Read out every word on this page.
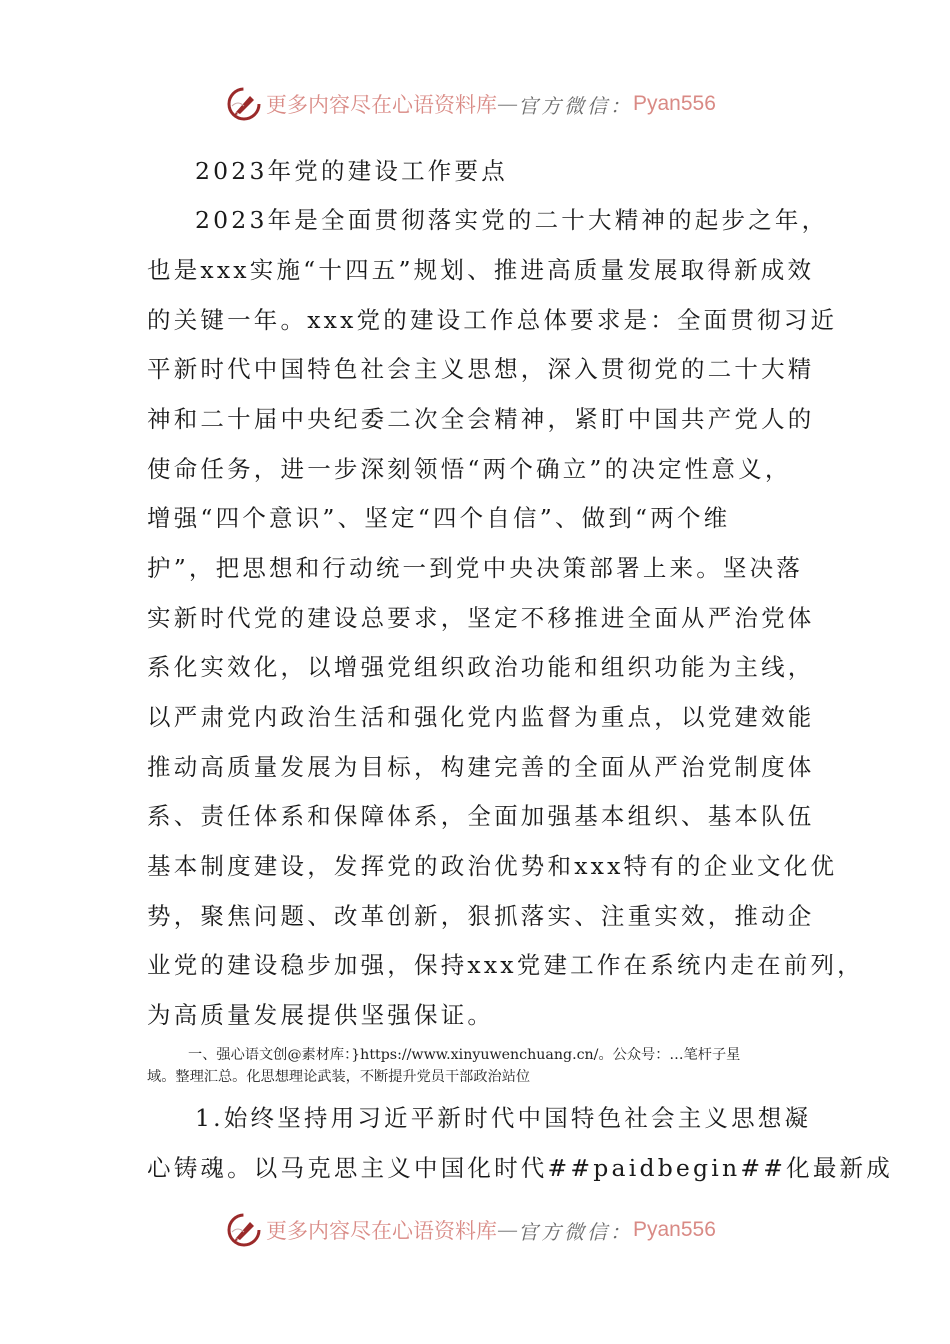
更多内容尽在心语资料库 — 官方微信： Pyan556
2023年党的建设工作要点
2023年是全面贯彻落实党的二十大精神的起步之年，
也是xxx实施“十四五”规划、推进高质量发展取得新成效
的关键一年。xxx党的建设工作总体要求是：全面贯彻习近
平新时代中国特色社会主义思想，深入贯彻党的二十大精
神和二十届中央纪委二次全会精神，紧盯中国共产党人的
使命任务，进一步深刻领悟“两个确立”的决定性意义，
增强“四个意识”、坚定“四个自信”、做到“两个维
护”，把思想和行动统一到党中央决策部署上来。坚决落
实新时代党的建设总要求，坚定不移推进全面从严治党体
系化实效化，以增强党组织政治功能和组织功能为主线，
以严肃党内政治生活和强化党内监督为重点，以党建效能
推动高质量发展为目标，构建完善的全面从严治党制度体
系、责任体系和保障体系，全面加强基本组织、基本队伍
基本制度建设，发挥党的政治优势和xxx特有的企业文化优
势，聚焦问题、改革创新，狠抓落实、注重实效，推动企
业党的建设稳步加强，保持xxx党建工作在系统内走在前列，
为高质量发展提供坚强保证。
一、强心语文创@素材库：}https://www.xinyuwenchuang.cn/。公众号：…笔杆子星
域。整理汇总。化思想理论武装，不断提升党员干部政治站位
1.始终坚持用习近平新时代中国特色社会主义思想凝
心铸魂。以马克思主义中国化时代##paidbegin##化最新成
更多内容尽在心语资料库 — 官方微信： Pyan556
